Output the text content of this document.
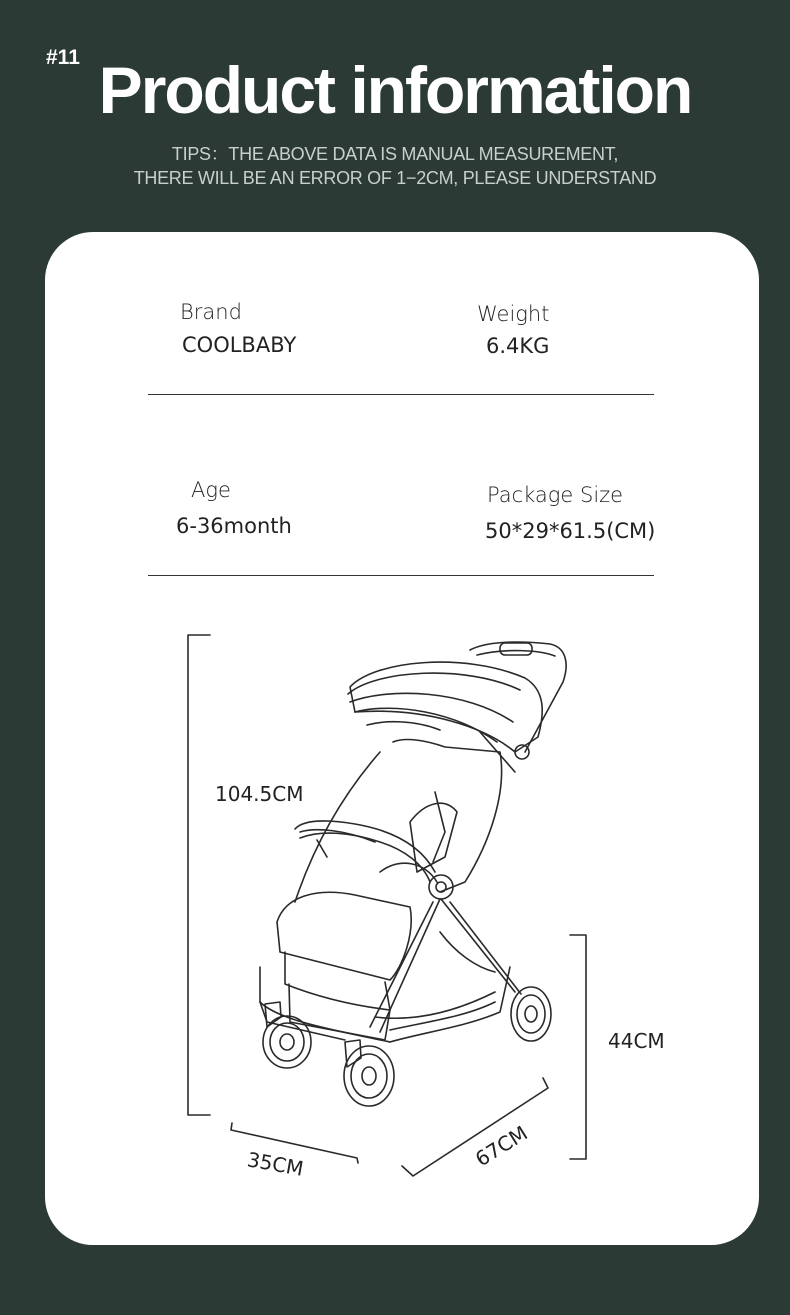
#11 Product information
TIPS：THE ABOVE DATA IS MANUAL MEASUREMENT,
THERE WILL BE AN ERROR OF 1−2CM, PLEASE UNDERSTAND
Brand
COOLBABY
Weight
6.4KG
Age
6-36month
Package Size
50*29*61.5(CM)
104.5CM
44CM
35CM	67CM
